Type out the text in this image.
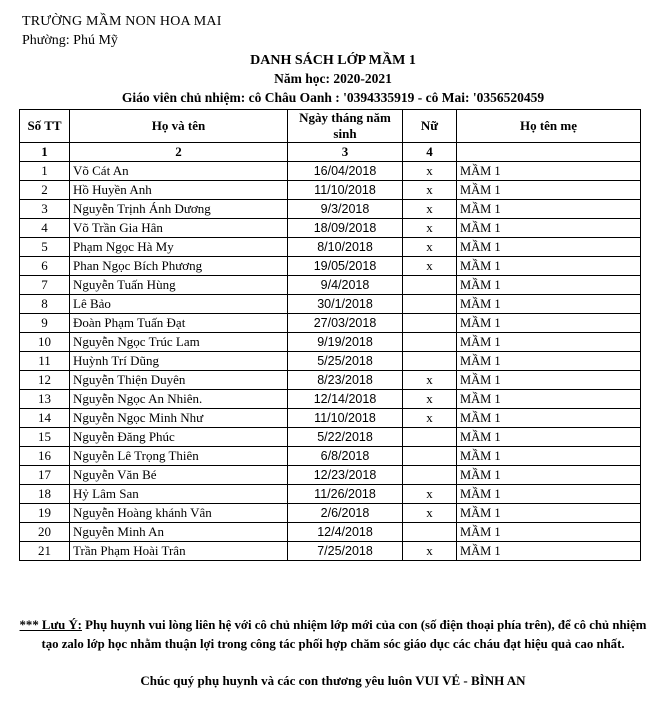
TRƯỜNG MẦM NON HOA MAI
Phường: Phú Mỹ
DANH SÁCH LỚP MẦM 1
Năm học: 2020-2021
Giáo viên chủ nhiệm: cô Châu Oanh : '0394335919 - cô Mai: '0356520459
Số TT	Họ và tên	Ngày tháng năm sinh	Nữ	Họ tên mẹ
1	2	3	4	
1	Võ Cát An	16/04/2018	x	MẦM 1
2	Hồ Huyền Anh	11/10/2018	x	MẦM 1
3	Nguyễn Trịnh Ánh Dương	9/3/2018	x	MẦM 1
4	Võ Trần Gia Hân	18/09/2018	x	MẦM 1
5	Phạm Ngọc Hà My	8/10/2018	x	MẦM 1
6	Phan Ngọc Bích Phương	19/05/2018	x	MẦM 1
7	Nguyễn Tuấn Hùng	9/4/2018		MẦM 1
8	Lê Bảo	30/1/2018		MẦM 1
9	Đoàn Phạm Tuấn Đạt	27/03/2018		MẦM 1
10	Nguyễn Ngọc Trúc Lam	9/19/2018		MẦM 1
11	Huỳnh Trí Dũng	5/25/2018		MẦM 1
12	Nguyễn Thiện Duyên	8/23/2018	x	MẦM 1
13	Nguyễn Ngọc An Nhiên.	12/14/2018	x	MẦM 1
14	Nguyễn Ngọc Minh Như	11/10/2018	x	MẦM 1
15	Nguyễn Đăng Phúc	5/22/2018		MẦM 1
16	Nguyễn Lê Trọng Thiên	6/8/2018		MẦM 1
17	Nguyễn Văn Bé	12/23/2018		MẦM 1
18	Hỷ Lâm San	11/26/2018	x	MẦM 1
19	Nguyễn Hoàng khánh Vân	2/6/2018	x	MẦM 1
20	Nguyễn Minh An	12/4/2018		MẦM 1
21	Trần Phạm Hoài Trân	7/25/2018	x	MẦM 1
*** Lưu Ý: Phụ huynh vui lòng liên hệ với cô chủ nhiệm lớp mới của con (số điện thoại phía trên), để cô chủ nhiệm tạo zalo lớp học nhằm thuận lợi trong công tác phối hợp chăm sóc giáo dục các cháu đạt hiệu quả cao nhất.
Chúc quý phụ huynh và các con thương yêu luôn VUI VẺ - BÌNH AN
